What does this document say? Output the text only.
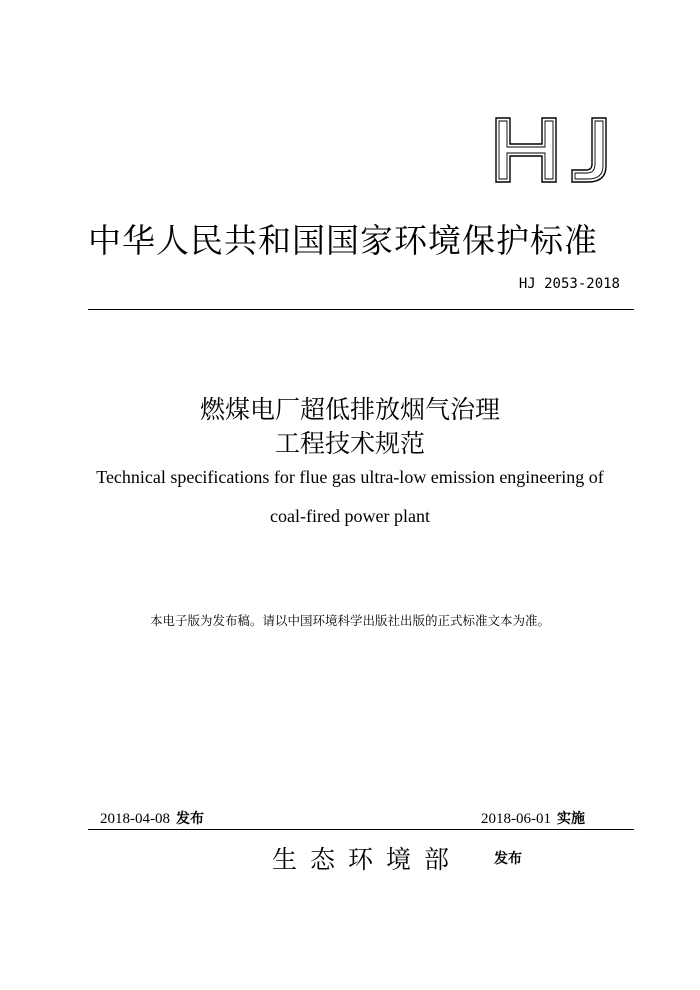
中华人民共和国国家环境保护标准
HJ 2053-2018
燃煤电厂超低排放烟气治理
工程技术规范
Technical specifications for flue gas ultra-low emission engineering of
coal-fired power plant
本电子版为发布稿。请以中国环境科学出版社出版的正式标准文本为准。
2018-04-08 发布	2018-06-01 实施
生态环境部 发布
